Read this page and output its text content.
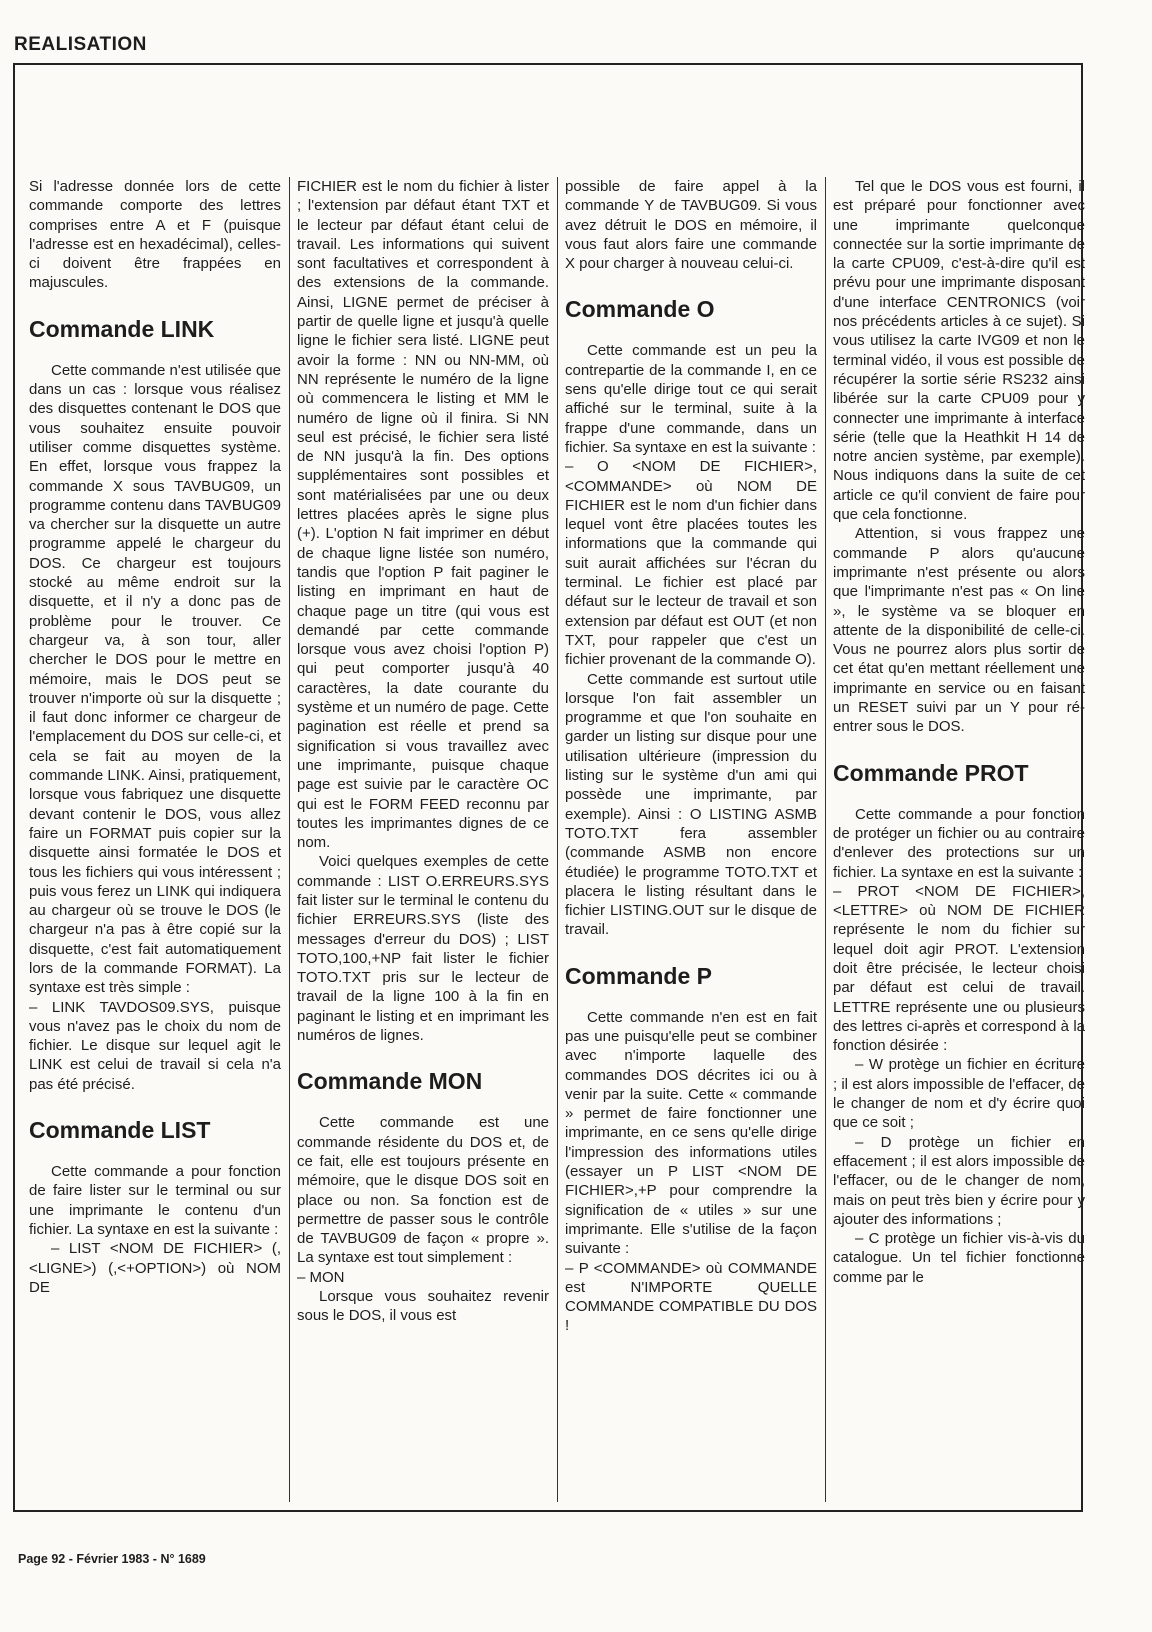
REALISATION

Si l'adresse donnée lors de cette commande comporte des lettres comprises entre A et F (puisque l'adresse est en hexadécimal), celles-ci doivent être frappées en majuscules.

Commande LINK

Cette commande n'est utilisée que dans un cas : lorsque vous réalisez des disquettes contenant le DOS que vous souhaitez ensuite pouvoir utiliser comme disquettes système. En effet, lorsque vous frappez la commande X sous TAVBUG09, un programme contenu dans TAVBUG09 va chercher sur la disquette un autre programme appelé le chargeur du DOS. Ce chargeur est toujours stocké au même endroit sur la disquette, et il n'y a donc pas de problème pour le trouver. Ce chargeur va, à son tour, aller chercher le DOS pour le mettre en mémoire, mais le DOS peut se trouver n'importe où sur la disquette ; il faut donc informer ce chargeur de l'emplacement du DOS sur celle-ci, et cela se fait au moyen de la commande LINK. Ainsi, pratiquement, lorsque vous fabriquez une disquette devant contenir le DOS, vous allez faire un FORMAT puis copier sur la disquette ainsi formatée le DOS et tous les fichiers qui vous intéressent ; puis vous ferez un LINK qui indiquera au chargeur où se trouve le DOS (le chargeur n'a pas à être copié sur la disquette, c'est fait automatiquement lors de la commande FORMAT). La syntaxe est très simple :

– LINK TAVDOS09.SYS, puisque vous n'avez pas le choix du nom de fichier. Le disque sur lequel agit le LINK est celui de travail si cela n'a pas été précisé.

Commande LIST

Cette commande a pour fonction de faire lister sur le terminal ou sur une imprimante le contenu d'un fichier. La syntaxe en est la suivante :

– LIST <NOM DE FICHIER> (,<LIGNE>) (,<+OPTION>) où NOM DE

FICHIER est le nom du fichier à lister ; l'extension par défaut étant TXT et le lecteur par défaut étant celui de travail. Les informations qui suivent sont facultatives et correspondent à des extensions de la commande. Ainsi, LIGNE permet de préciser à partir de quelle ligne et jusqu'à quelle ligne le fichier sera listé. LIGNE peut avoir la forme : NN ou NN-MM, où NN représente le numéro de la ligne où commencera le listing et MM le numéro de ligne où il finira. Si NN seul est précisé, le fichier sera listé de NN jusqu'à la fin. Des options supplémentaires sont possibles et sont matérialisées par une ou deux lettres placées après le signe plus (+). L'option N fait imprimer en début de chaque ligne listée son numéro, tandis que l'option P fait paginer le listing en imprimant en haut de chaque page un titre (qui vous est demandé par cette commande lorsque vous avez choisi l'option P) qui peut comporter jusqu'à 40 caractères, la date courante du système et un numéro de page. Cette pagination est réelle et prend sa signification si vous travaillez avec une imprimante, puisque chaque page est suivie par le caractère OC qui est le FORM FEED reconnu par toutes les imprimantes dignes de ce nom.

Voici quelques exemples de cette commande : LIST O.ERREURS.SYS fait lister sur le terminal le contenu du fichier ERREURS.SYS (liste des messages d'erreur du DOS) ; LIST TOTO,100,+NP fait lister le fichier TOTO.TXT pris sur le lecteur de travail de la ligne 100 à la fin en paginant le listing et en imprimant les numéros de lignes.

Commande MON

Cette commande est une commande résidente du DOS et, de ce fait, elle est toujours présente en mémoire, que le disque DOS soit en place ou non. Sa fonction est de permettre de passer sous le contrôle de TAVBUG09 de façon « propre ». La syntaxe est tout simplement :

– MON

Lorsque vous souhaitez revenir sous le DOS, il vous est

possible de faire appel à la commande Y de TAVBUG09. Si vous avez détruit le DOS en mémoire, il vous faut alors faire une commande X pour charger à nouveau celui-ci.

Commande O

Cette commande est un peu la contrepartie de la commande I, en ce sens qu'elle dirige tout ce qui serait affiché sur le terminal, suite à la frappe d'une commande, dans un fichier. Sa syntaxe en est la suivante :

– O <NOM DE FICHIER>, <COMMANDE> où NOM DE FICHIER est le nom d'un fichier dans lequel vont être placées toutes les informations que la commande qui suit aurait affichées sur l'écran du terminal. Le fichier est placé par défaut sur le lecteur de travail et son extension par défaut est OUT (et non TXT, pour rappeler que c'est un fichier provenant de la commande O).

Cette commande est surtout utile lorsque l'on fait assembler un programme et que l'on souhaite en garder un listing sur disque pour une utilisation ultérieure (impression du listing sur le système d'un ami qui possède une imprimante, par exemple). Ainsi : O LISTING ASMB TOTO.TXT fera assembler (commande ASMB non encore étudiée) le programme TOTO.TXT et placera le listing résultant dans le fichier LISTING.OUT sur le disque de travail.

Commande P

Cette commande n'en est en fait pas une puisqu'elle peut se combiner avec n'importe laquelle des commandes DOS décrites ici ou à venir par la suite. Cette « commande » permet de faire fonctionner une imprimante, en ce sens qu'elle dirige l'impression des informations utiles (essayer un P LIST <NOM DE FICHIER>,+P pour comprendre la signification de « utiles » sur une imprimante. Elle s'utilise de la façon suivante :

– P <COMMANDE> où COMMANDE est N'IMPORTE QUELLE COMMANDE COMPATIBLE DU DOS !

Tel que le DOS vous est fourni, il est préparé pour fonctionner avec une imprimante quelconque connectée sur la sortie imprimante de la carte CPU09, c'est-à-dire qu'il est prévu pour une imprimante disposant d'une interface CENTRONICS (voir nos précédents articles à ce sujet). Si vous utilisez la carte IVG09 et non le terminal vidéo, il vous est possible de récupérer la sortie série RS232 ainsi libérée sur la carte CPU09 pour y connecter une imprimante à interface série (telle que la Heathkit H 14 de notre ancien système, par exemple). Nous indiquons dans la suite de cet article ce qu'il convient de faire pour que cela fonctionne.

Attention, si vous frappez une commande P alors qu'aucune imprimante n'est présente ou alors que l'imprimante n'est pas « On line », le système va se bloquer en attente de la disponibilité de celle-ci. Vous ne pourrez alors plus sortir de cet état qu'en mettant réellement une imprimante en service ou en faisant un RESET suivi par un Y pour ré-entrer sous le DOS.

Commande PROT

Cette commande a pour fonction de protéger un fichier ou au contraire d'enlever des protections sur un fichier. La syntaxe en est la suivante :

– PROT <NOM DE FICHIER>, <LETTRE> où NOM DE FICHIER représente le nom du fichier sur lequel doit agir PROT. L'extension doit être précisée, le lecteur choisi par défaut est celui de travail. LETTRE représente une ou plusieurs des lettres ci-après et correspond à la fonction désirée :

– W protège un fichier en écriture ; il est alors impossible de l'effacer, de le changer de nom et d'y écrire quoi que ce soit ;

– D protège un fichier en effacement ; il est alors impossible de l'effacer, ou de le changer de nom, mais on peut très bien y écrire pour y ajouter des informations ;

– C protège un fichier vis-à-vis du catalogue. Un tel fichier fonctionne comme par le

Page 92 - Février 1983 - N° 1689
